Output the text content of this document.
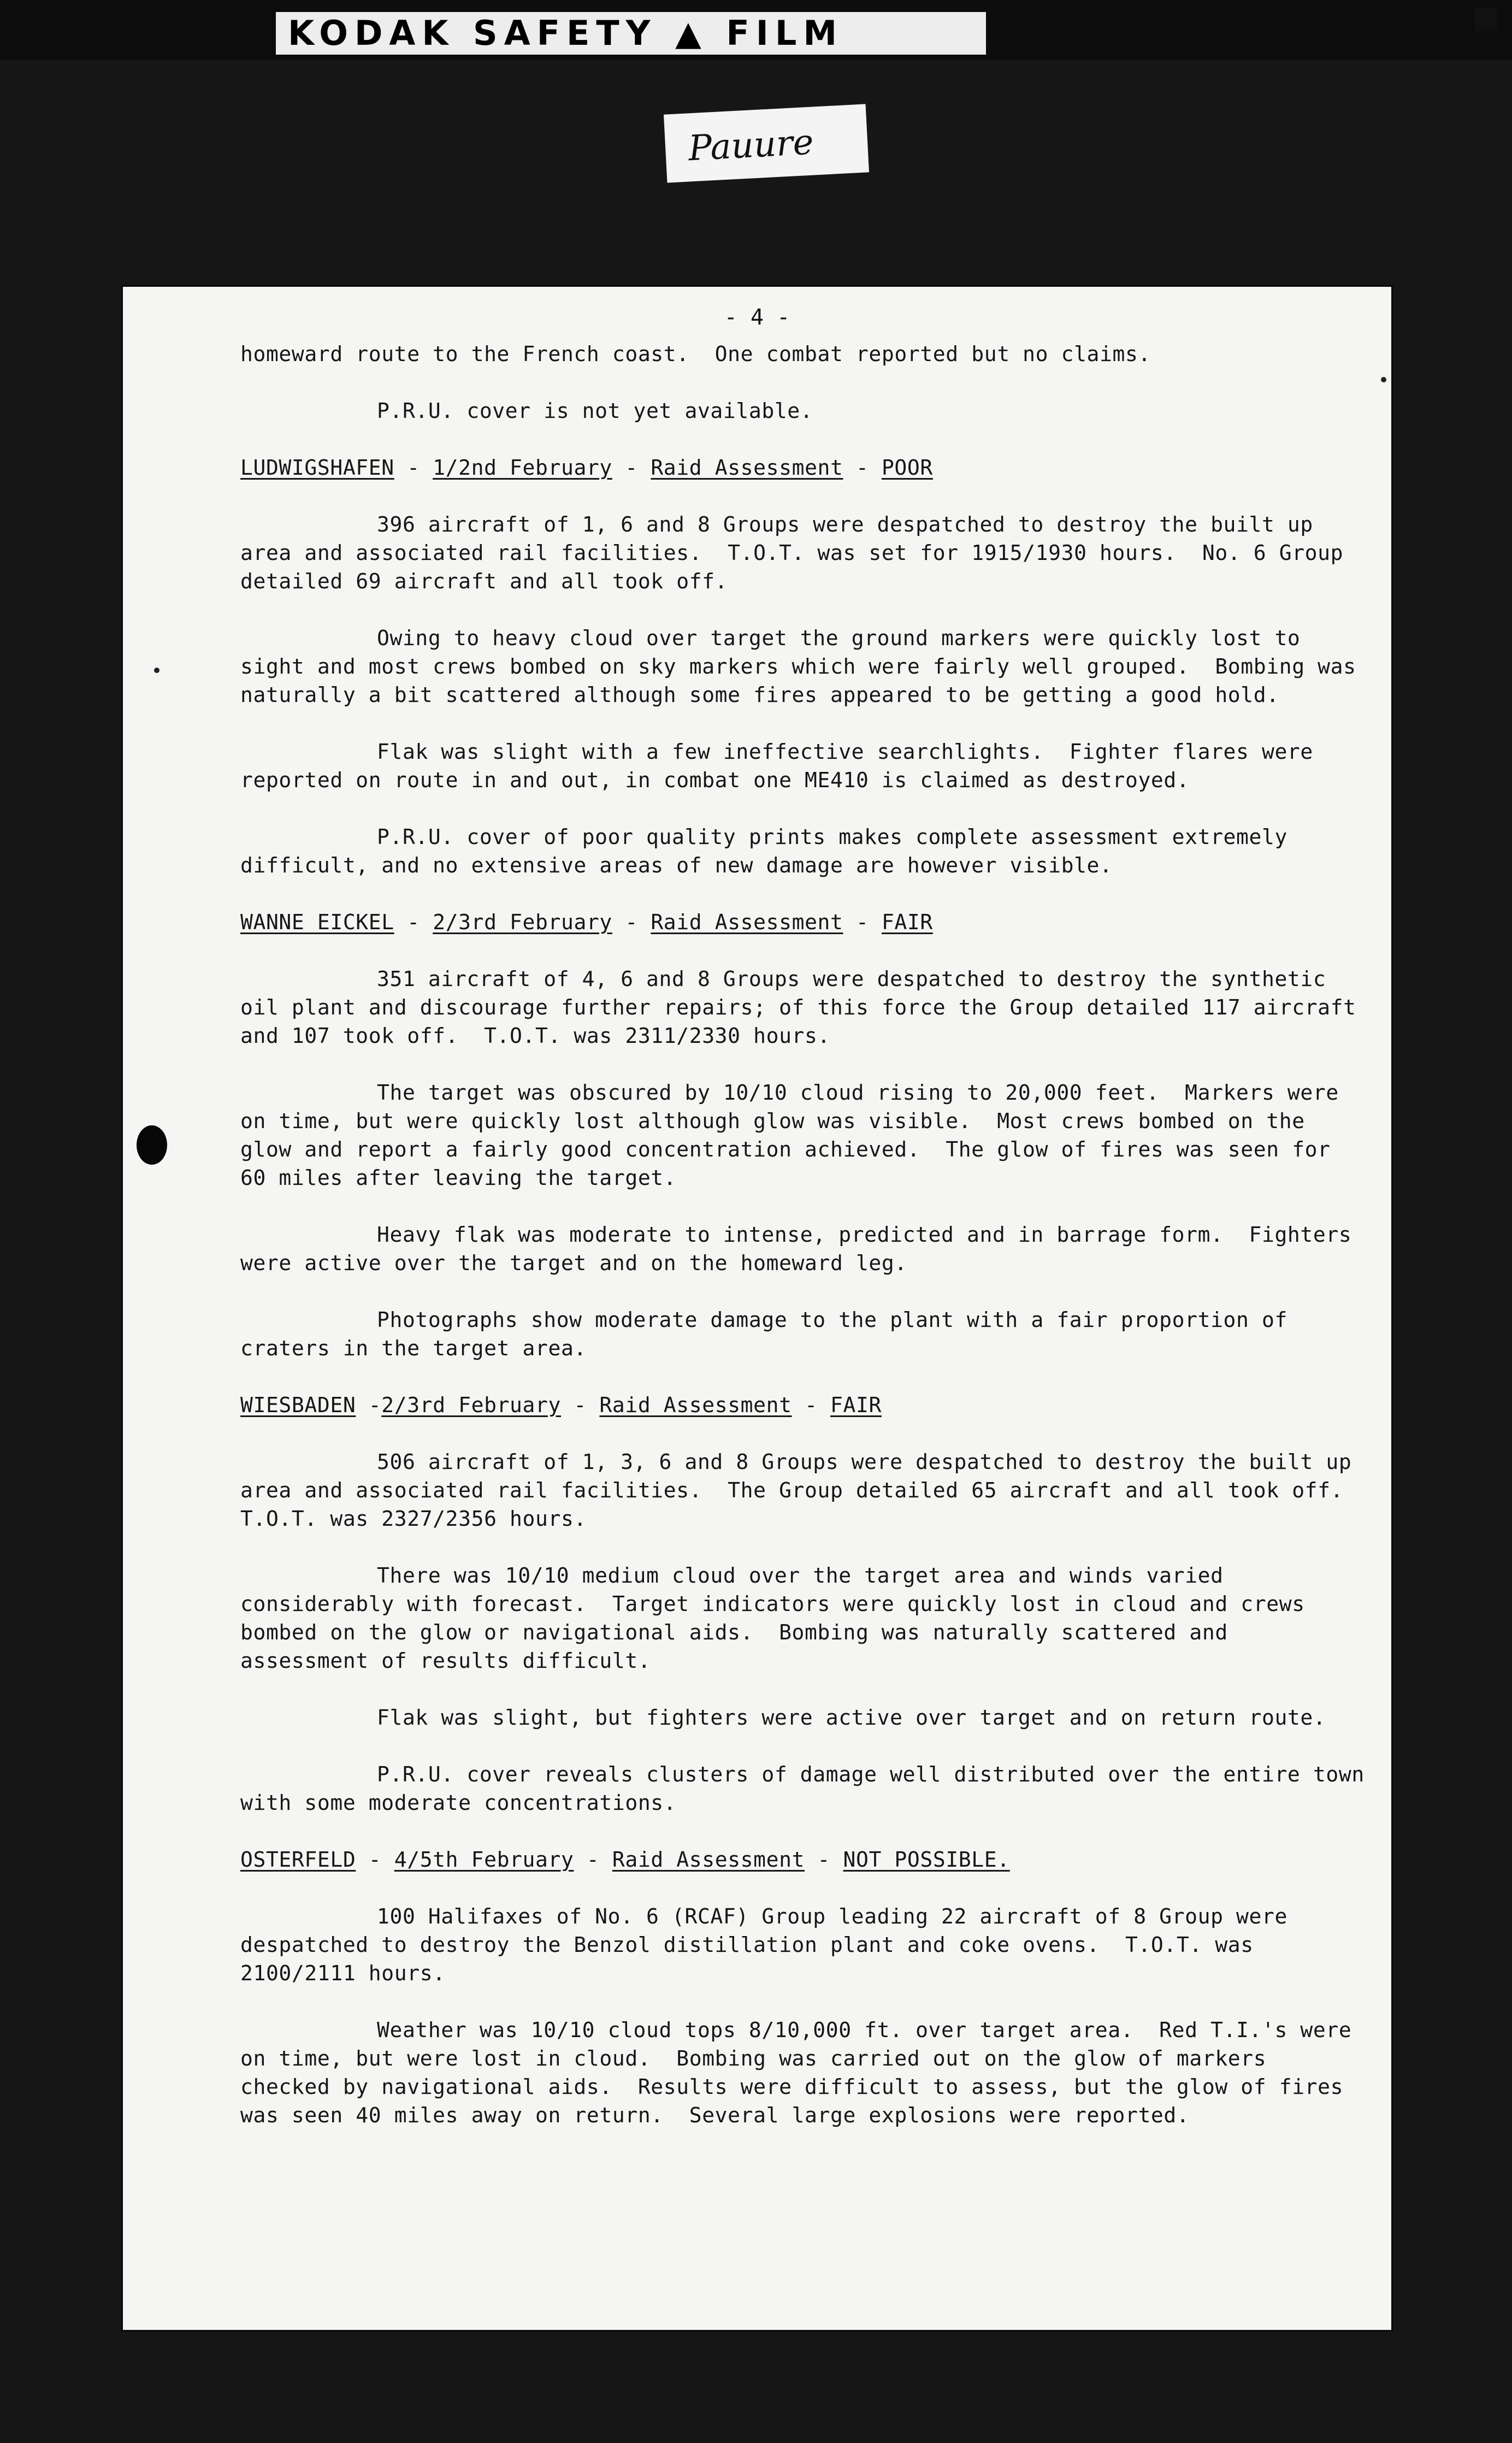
KODAK SAFETY ▲ FILM
Pauure
- 4 -

homeward route to the French coast.  One combat reported but no claims.

P.R.U. cover is not yet available.

LUDWIGSHAFEN - 1/2nd February - Raid Assessment - POOR

396 aircraft of 1, 6 and 8 Groups were despatched to destroy the built up area and associated rail facilities.  T.O.T. was set for 1915/1930 hours.  No. 6 Group detailed 69 aircraft and all took off.

Owing to heavy cloud over target the ground markers were quickly lost to sight and most crews bombed on sky markers which were fairly well grouped.  Bombing was naturally a bit scattered although some fires appeared to be getting a good hold.

Flak was slight with a few ineffective searchlights.  Fighter flares were reported on route in and out, in combat one ME410 is claimed as destroyed.

P.R.U. cover of poor quality prints makes complete assessment extremely difficult, and no extensive areas of new damage are however visible.

WANNE EICKEL - 2/3rd February - Raid Assessment - FAIR

351 aircraft of 4, 6 and 8 Groups were despatched to destroy the synthetic oil plant and discourage further repairs; of this force the Group detailed 117 aircraft and 107 took off.  T.O.T. was 2311/2330 hours.

The target was obscured by 10/10 cloud rising to 20,000 feet.  Markers were on time, but were quickly lost although glow was visible.  Most crews bombed on the glow and report a fairly good concentration achieved.  The glow of fires was seen for 60 miles after leaving the target.

Heavy flak was moderate to intense, predicted and in barrage form.  Fighters were active over the target and on the homeward leg.

Photographs show moderate damage to the plant with a fair proportion of craters in the target area.

WIESBADEN -2/3rd February - Raid Assessment - FAIR

506 aircraft of 1, 3, 6 and 8 Groups were despatched to destroy the built up area and associated rail facilities.  The Group detailed 65 aircraft and all took off.  T.O.T. was 2327/2356 hours.

There was 10/10 medium cloud over the target area and winds varied considerably with forecast.  Target indicators were quickly lost in cloud and crews bombed on the glow or navigational aids.  Bombing was naturally scattered and assessment of results difficult.

Flak was slight, but fighters were active over target and on return route.

P.R.U. cover reveals clusters of damage well distributed over the entire town with some moderate concentrations.

OSTERFELD - 4/5th February - Raid Assessment - NOT POSSIBLE.

100 Halifaxes of No. 6 (RCAF) Group leading 22 aircraft of 8 Group were despatched to destroy the Benzol distillation plant and coke ovens.  T.O.T. was 2100/2111 hours.

Weather was 10/10 cloud tops 8/10,000 ft. over target area.  Red T.I.'s were on time, but were lost in cloud.  Bombing was carried out on the glow of markers checked by navigational aids.  Results were difficult to assess, but the glow of fires was seen 40 miles away on return.  Several large explosions were reported.
